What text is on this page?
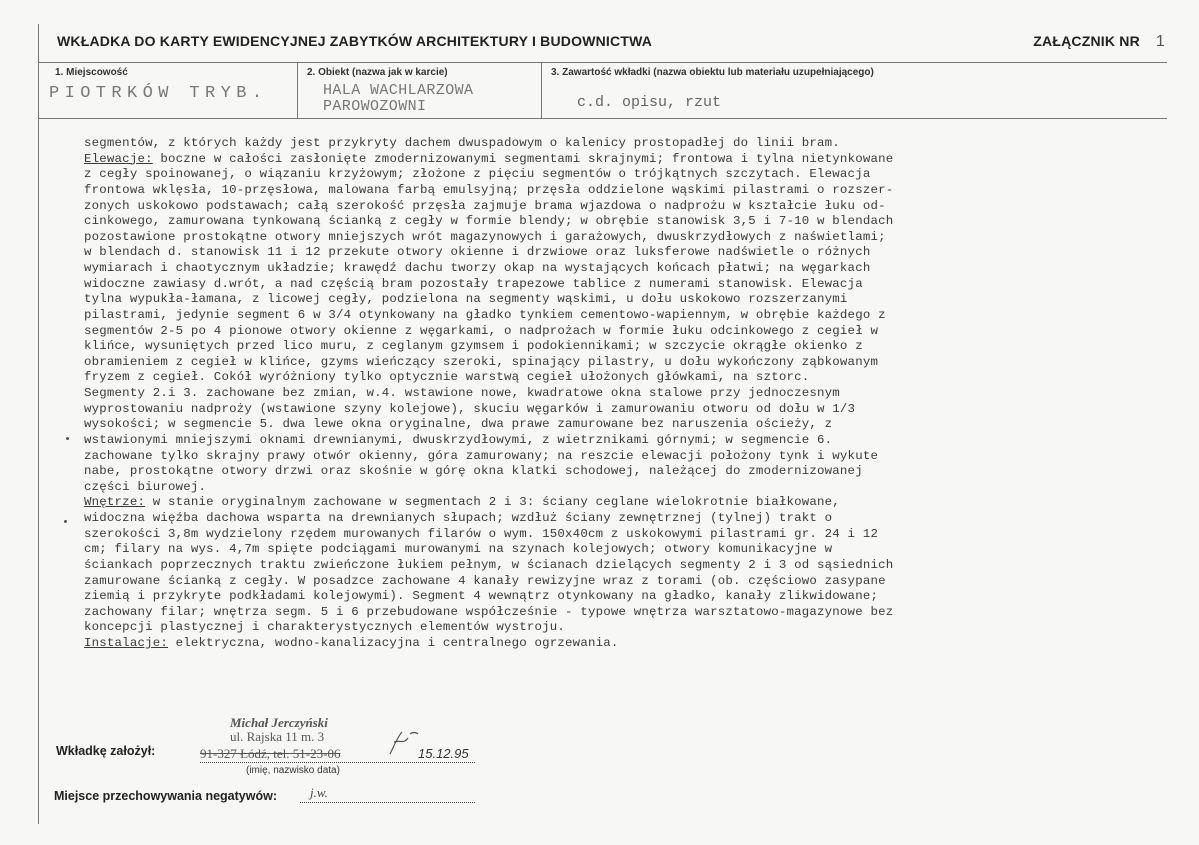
WKŁADKA DO KARTY EWIDENCYJNEJ ZABYTKÓW ARCHITEKTURY I BUDOWNICTWA	ZAŁĄCZNIK NR 1
1. Miejscowość
PIOTRKÓW TRYB.
2. Obiekt (nazwa jak w karcie)
HALA WACHLARZOWA
PAROWOZOWNI
3. Zawartość wkładki (nazwa obiektu lub materiału uzupełniającego)
c.d. opisu, rzut
segmentów, z których każdy jest przykryty dachem dwuspadowym o kalenicy prostopadłej do linii bram.
Elewacje: boczne w całości zasłonięte zmodernizowanymi segmentami skrajnymi; frontowa i tylna nietynkowane
z cegły spoinowanej, o wiązaniu krzyżowym; złożone z pięciu segmentów o trójkątnych szczytach. Elewacja
frontowa wklęsła, 10-przęsłowa, malowana farbą emulsyjną; przęsła oddzielone wąskimi pilastrami o rozszer-
zonych uskokowo podstawach; całą szerokość przęsła zajmuje brama wjazdowa o nadprożu w kształcie łuku od-
cinkowego, zamurowana tynkowaną ścianką z cegły w formie blendy; w obrębie stanowisk 3,5 i 7-10 w blendach
pozostawione prostokątne otwory mniejszych wrót magazynowych i garażowych, dwuskrzydłowych z naświetlami;
w blendach d. stanowisk 11 i 12 przekute otwory okienne i drzwiowe oraz luksferowe nadświetle o różnych
wymiarach i chaotycznym układzie; krawędź dachu tworzy okap na wystających końcach płatwi; na węgarkach
widoczne zawiasy d.wrót, a nad częścią bram pozostały trapezowe tablice z numerami stanowisk. Elewacja
tylna wypukła-łamana, z licowej cegły, podzielona na segmenty wąskimi, u dołu uskokowo rozszerzanymi
pilastrami, jedynie segment 6 w 3/4 otynkowany na gładko tynkiem cementowo-wapiennym, w obrębie każdego z
segmentów 2-5 po 4 pionowe otwory okienne z węgarkami, o nadprożach w formie łuku odcinkowego z cegieł w
klińce, wysuniętych przed lico muru, z ceglanym gzymsem i podokiennikami; w szczycie okrągłe okienko z
obramieniem z cegieł w klińce, gzyms wieńczący szeroki, spinający pilastry, u dołu wykończony ząbkowanym
fryzem z cegieł. Cokół wyróżniony tylko optycznie warstwą cegieł ułożonych główkami, na sztorc.
Segmenty 2.i 3. zachowane bez zmian, w.4. wstawione nowe, kwadratowe okna stalowe przy jednoczesnym
wyprostowaniu nadproży (wstawione szyny kolejowe), skuciu węgarków i zamurowaniu otworu od dołu w 1/3
wysokości; w segmencie 5. dwa lewe okna oryginalne, dwa prawe zamurowane bez naruszenia ościeży, z
wstawionymi mniejszymi oknami drewnianymi, dwuskrzydłowymi, z wietrznikami górnymi; w segmencie 6.
zachowane tylko skrajny prawy otwór okienny, góra zamurowany; na reszcie elewacji położony tynk i wykute
nabe, prostokątne otwory drzwi oraz skośnie w górę okna klatki schodowej, należącej do zmodernizowanej
części biurowej.
Wnętrze: w stanie oryginalnym zachowane w segmentach 2 i 3: ściany ceglane wielokrotnie białkowane,
widoczna więźba dachowa wsparta na drewnianych słupach; wzdłuż ściany zewnętrznej (tylnej) trakt o
szerokości 3,8m wydzielony rzędem murowanych filarów o wym. 150x40cm z uskokowymi pilastrami gr. 24 i 12
cm; filary na wys. 4,7m spięte podciągami murowanymi na szynach kolejowych; otwory komunikacyjne w
ściankach poprzecznych traktu zwieńczone łukiem pełnym, w ścianach dzielących segmenty 2 i 3 od sąsiednich
zamurowane ścianką z cegły. W posadzce zachowane 4 kanały rewizyjne wraz z torami (ob. częściowo zasypane
ziemią i przykryte podkładami kolejowymi). Segment 4 wewnątrz otynkowany na gładko, kanały zlikwidowane;
zachowany filar; wnętrza segm. 5 i 6 przebudowane współcześnie - typowe wnętrza warsztatowo-magazynowe bez
koncepcji plastycznej i charakterystycznych elementów wystroju.
Instalacje: elektryczna, wodno-kanalizacyjna i centralnego ogrzewania.
Wkładkę założył:
Michał Jerczyński
ul. Rajska 11 m. 3
91-327 Łódź, tel. 51-23-06	15.12.95
(imię, nazwisko data)
Miejsce przechowywania negatywów:	j.w.
